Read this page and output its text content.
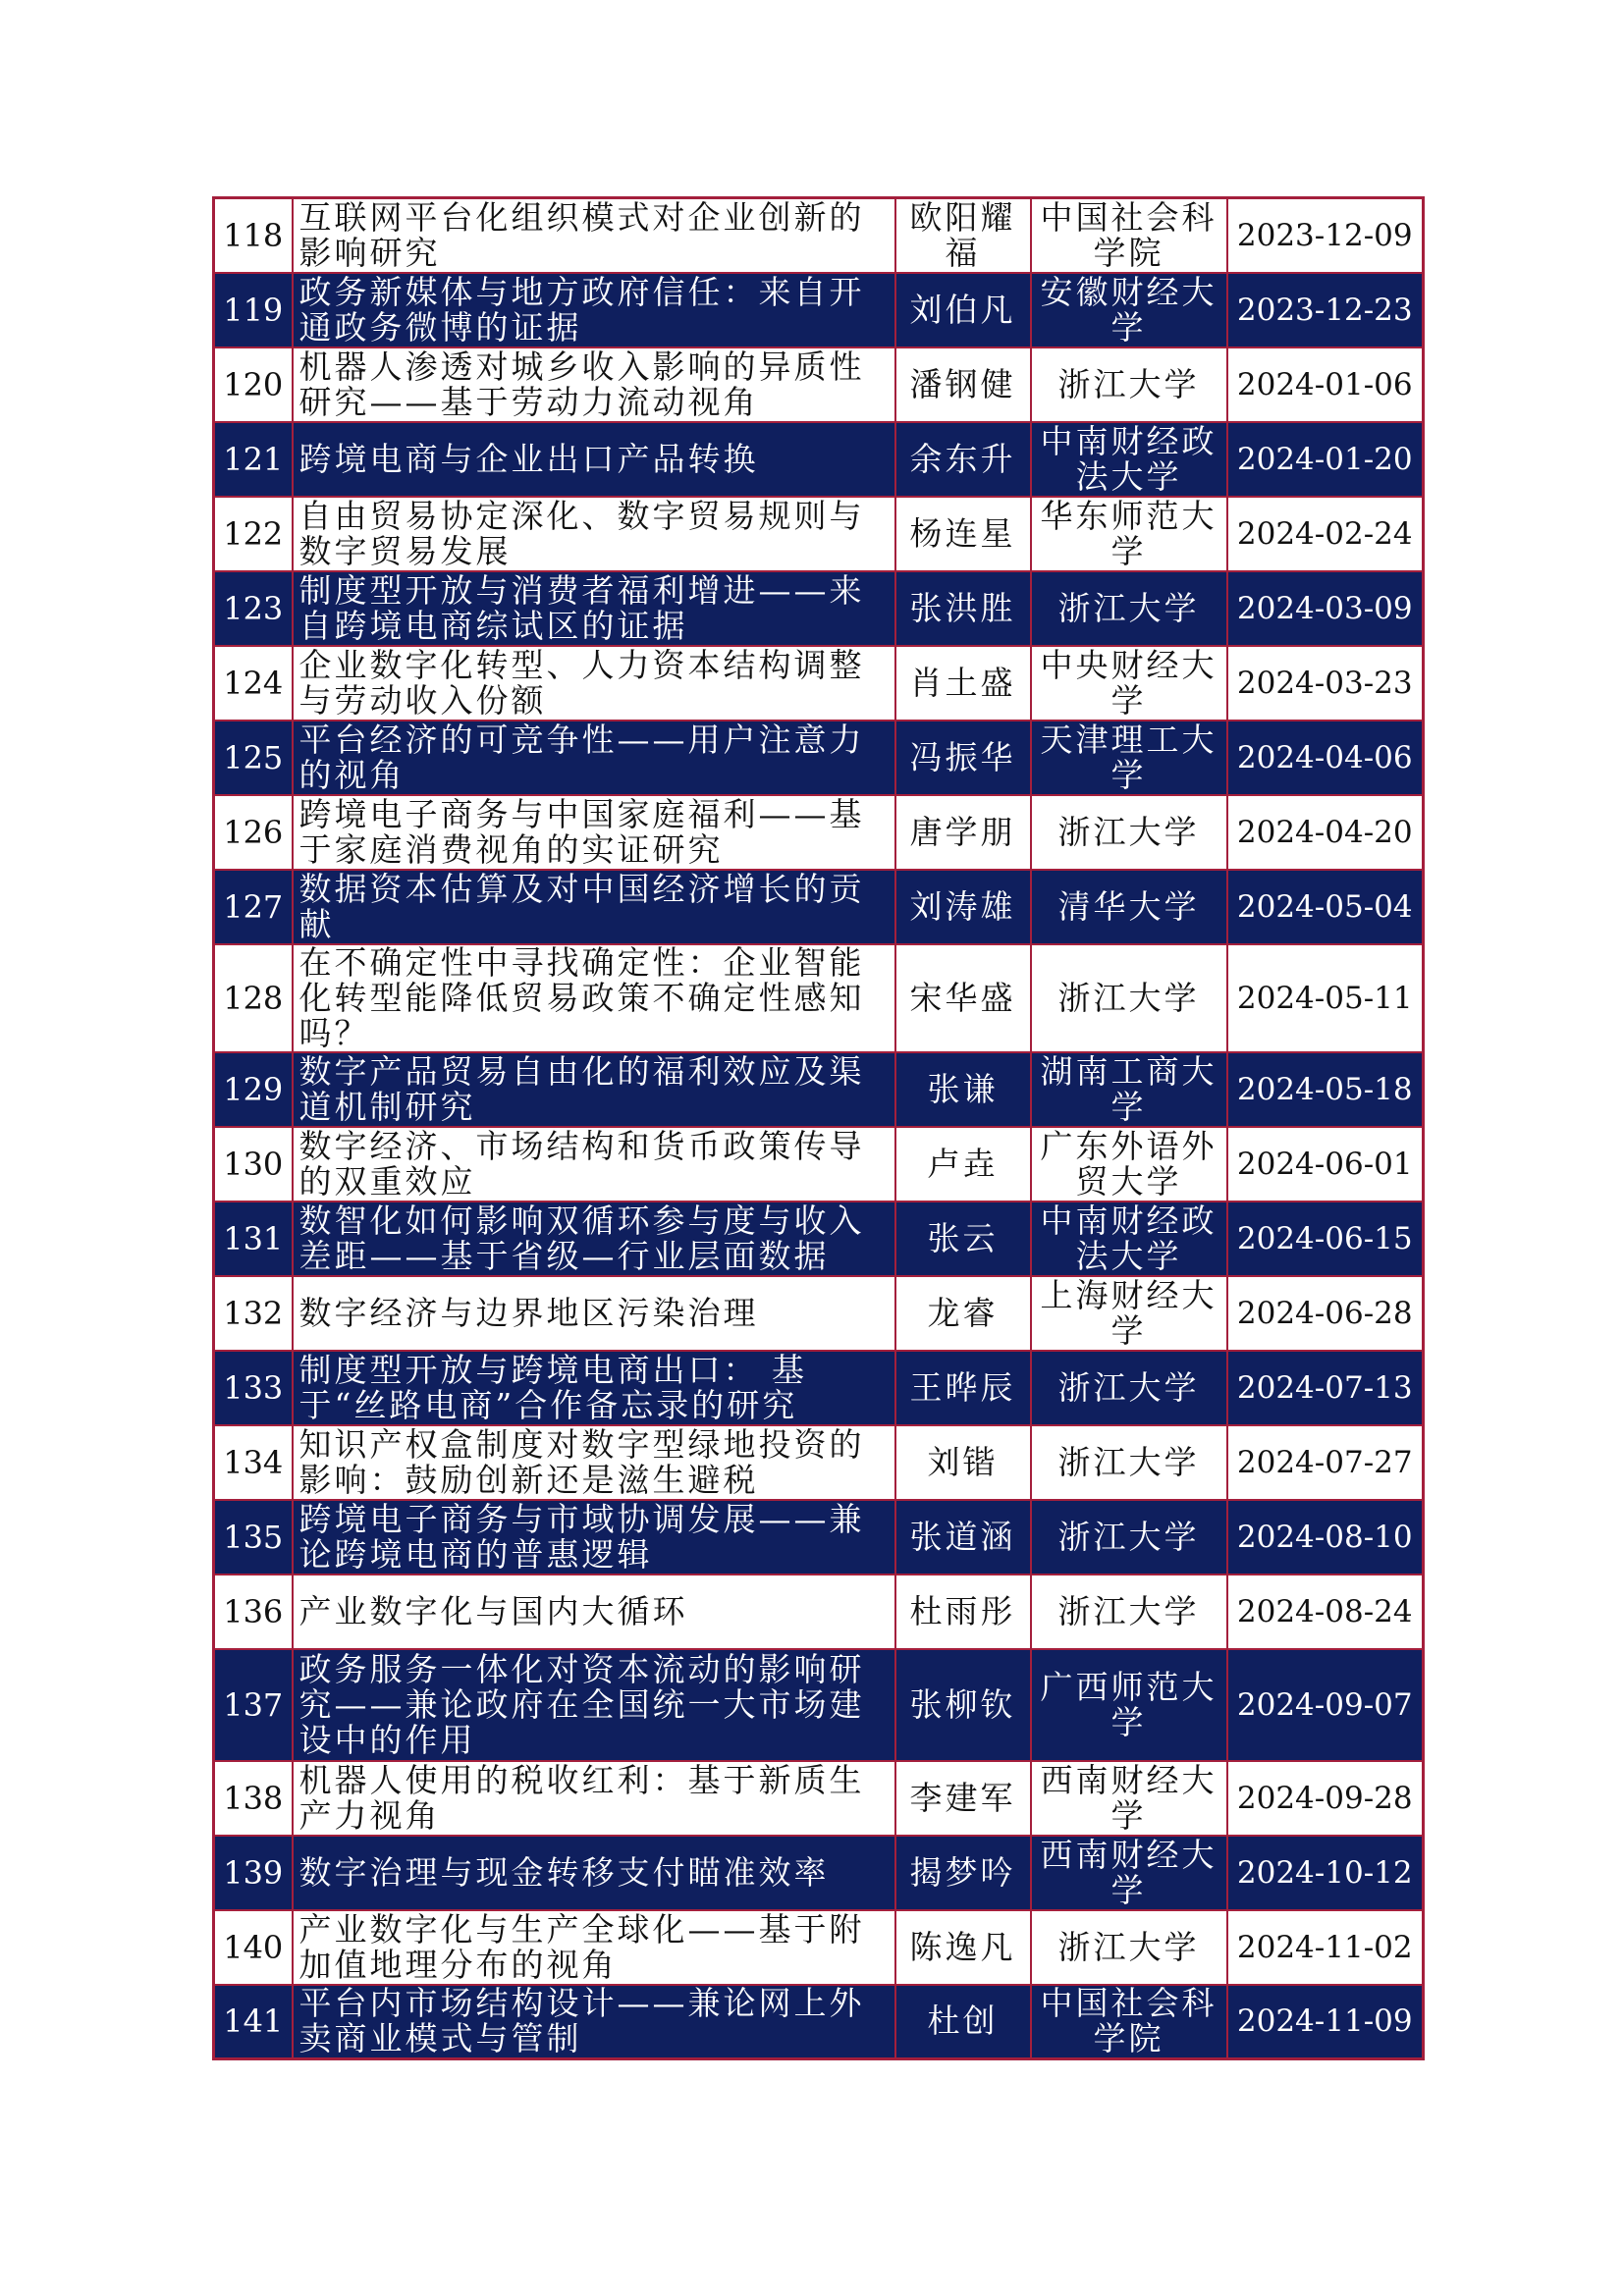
118	互联网平台化组织模式对企业创新的影响研究	欧阳耀福	中国社会科学院	2023-12-09
119	政务新媒体与地方政府信任：来自开通政务微博的证据	刘伯凡	安徽财经大学	2023-12-23
120	机器人渗透对城乡收入影响的异质性研究——基于劳动力流动视角	潘钢健	浙江大学	2024-01-06
121	跨境电商与企业出口产品转换	余东升	中南财经政法大学	2024-01-20
122	自由贸易协定深化、数字贸易规则与数字贸易发展	杨连星	华东师范大学	2024-02-24
123	制度型开放与消费者福利增进——来自跨境电商综试区的证据	张洪胜	浙江大学	2024-03-09
124	企业数字化转型、人力资本结构调整与劳动收入份额	肖土盛	中央财经大学	2024-03-23
125	平台经济的可竞争性——用户注意力的视角	冯振华	天津理工大学	2024-04-06
126	跨境电子商务与中国家庭福利——基于家庭消费视角的实证研究	唐学朋	浙江大学	2024-04-20
127	数据资本估算及对中国经济增长的贡献	刘涛雄	清华大学	2024-05-04
128	在不确定性中寻找确定性：企业智能化转型能降低贸易政策不确定性感知吗？	宋华盛	浙江大学	2024-05-11
129	数字产品贸易自由化的福利效应及渠道机制研究	张谦	湖南工商大学	2024-05-18
130	数字经济、市场结构和货币政策传导的双重效应	卢垚	广东外语外贸大学	2024-06-01
131	数智化如何影响双循环参与度与收入差距——基于省级—行业层面数据	张云	中南财经政法大学	2024-06-15
132	数字经济与边界地区污染治理	龙睿	上海财经大学	2024-06-28
133	制度型开放与跨境电商出口： 基于“丝路电商”合作备忘录的研究	王晔辰	浙江大学	2024-07-13
134	知识产权盒制度对数字型绿地投资的影响：鼓励创新还是滋生避税	刘锴	浙江大学	2024-07-27
135	跨境电子商务与市域协调发展——兼论跨境电商的普惠逻辑	张道涵	浙江大学	2024-08-10
136	产业数字化与国内大循环	杜雨彤	浙江大学	2024-08-24
137	政务服务一体化对资本流动的影响研究——兼论政府在全国统一大市场建设中的作用	张柳钦	广西师范大学	2024-09-07
138	机器人使用的税收红利：基于新质生产力视角	李建军	西南财经大学	2024-09-28
139	数字治理与现金转移支付瞄准效率	揭梦吟	西南财经大学	2024-10-12
140	产业数字化与生产全球化——基于附加值地理分布的视角	陈逸凡	浙江大学	2024-11-02
141	平台内市场结构设计——兼论网上外卖商业模式与管制	杜创	中国社会科学院	2024-11-09
